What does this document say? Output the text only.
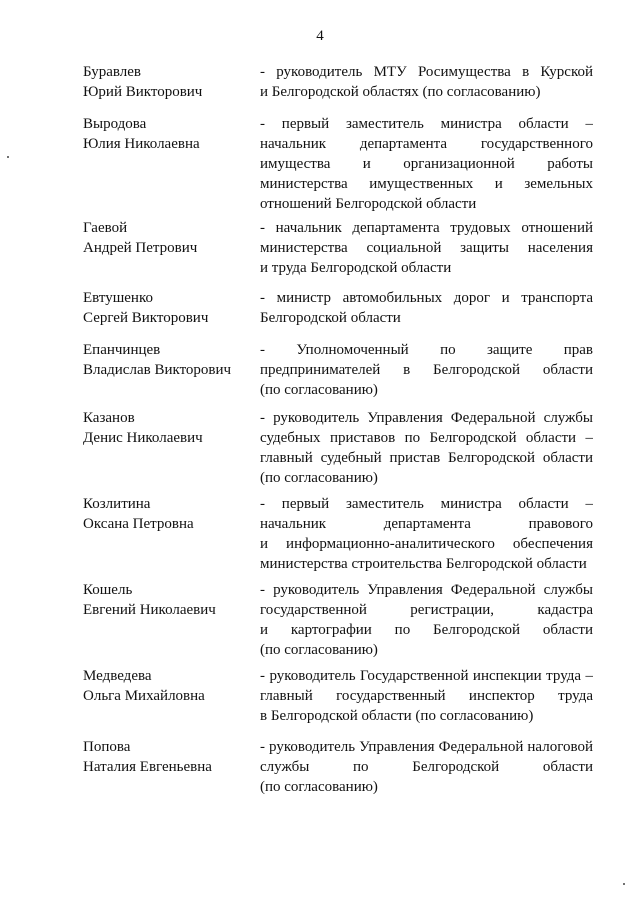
4
Буравлев
Юрий Викторович
- руководитель МТУ Росимущества в Курской
и Белгородской областях (по согласованию)
Выродова
Юлия Николаевна
- первый заместитель министра области –
начальник департамента государственного
имущества и организационной работы
министерства имущественных и земельных
отношений Белгородской области
Гаевой
Андрей Петрович
- начальник департамента трудовых отношений
министерства социальной защиты населения
и труда Белгородской области
Евтушенко
Сергей Викторович
- министр автомобильных дорог и транспорта
Белгородской области
Епанчинцев
Владислав Викторович
- Уполномоченный по защите прав
предпринимателей в Белгородской области
(по согласованию)
Казанов
Денис Николаевич
- руководитель Управления Федеральной службы
судебных приставов по Белгородской области –
главный судебный пристав Белгородской области
(по согласованию)
Козлитина
Оксана Петровна
- первый заместитель министра области –
начальник департамента правового
и информационно-аналитического обеспечения
министерства строительства Белгородской области
Кошель
Евгений Николаевич
- руководитель Управления Федеральной службы
государственной регистрации, кадастра
и картографии по Белгородской области
(по согласованию)
Медведева
Ольга Михайловна
- руководитель Государственной инспекции труда –
главный государственный инспектор труда
в Белгородской области (по согласованию)
Попова
Наталия Евгеньевна
- руководитель Управления Федеральной налоговой
службы по Белгородской области
(по согласованию)
